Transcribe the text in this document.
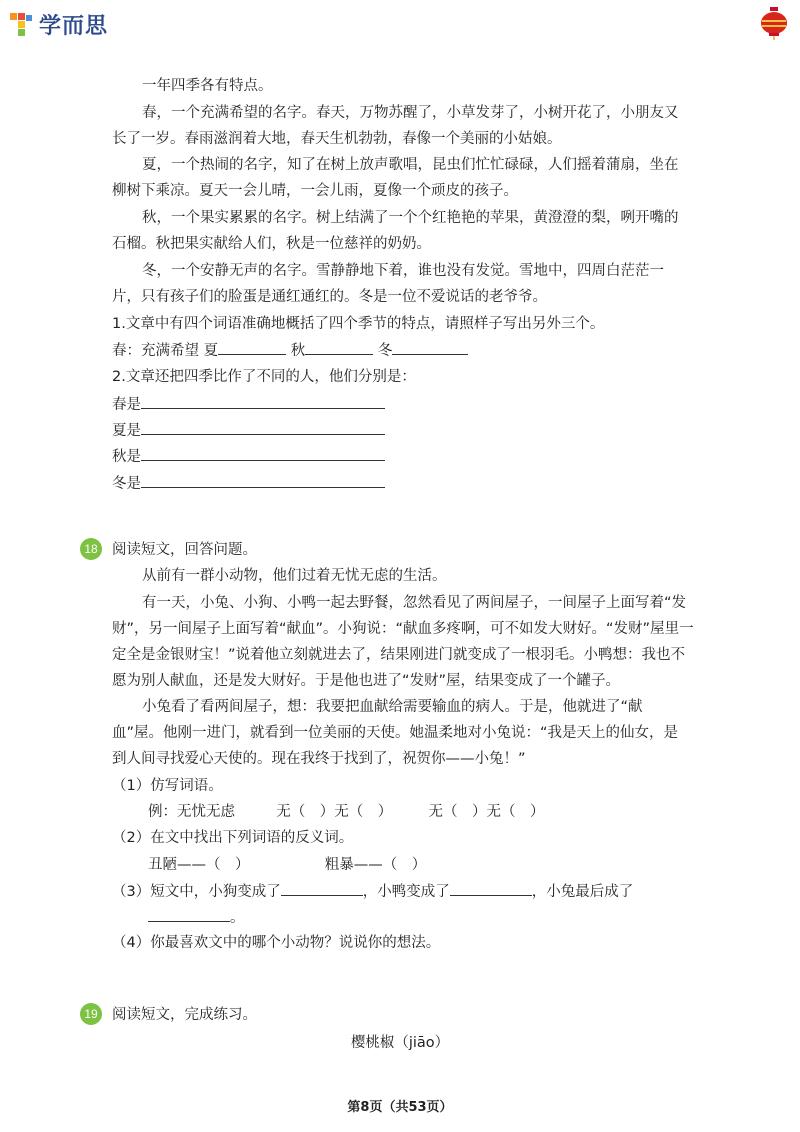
学而思
一年四季各有特点。
春，一个充满希望的名字。春天，万物苏醒了，小草发芽了，小树开花了，小朋友又
长了一岁。春雨滋润着大地，春天生机勃勃，春像一个美丽的小姑娘。
夏，一个热闹的名字，知了在树上放声歌唱，昆虫们忙忙碌碌，人们摇着蒲扇，坐在
柳树下乘凉。夏天一会儿晴，一会儿雨，夏像一个顽皮的孩子。
秋，一个果实累累的名字。树上结满了一个个红艳艳的苹果，黄澄澄的梨，咧开嘴的
石榴。秋把果实献给人们，秋是一位慈祥的奶奶。
冬，一个安静无声的名字。雪静静地下着，谁也没有发觉。雪地中，四周白茫茫一
片，只有孩子们的脸蛋是通红通红的。冬是一位不爱说话的老爷爷。
1.文章中有四个词语准确地概括了四个季节的特点，请照样子写出另外三个。
春：充满希望 夏	秋	冬
2.文章还把四季比作了不同的人，他们分别是：
春是
夏是
秋是
冬是
18 阅读短文，回答问题。
从前有一群小动物，他们过着无忧无虑的生活。
有一天，小兔、小狗、小鸭一起去野餐，忽然看见了两间屋子，一间屋子上面写着“发
财”，另一间屋子上面写着“献血”。小狗说：“献血多疼啊，可不如发大财好。“发财”屋里一
定全是金银财宝！”说着他立刻就进去了，结果刚进门就变成了一根羽毛。小鸭想：我也不
愿为别人献血，还是发大财好。于是他也进了“发财”屋，结果变成了一个罐子。
小兔看了看两间屋子，想：我要把血献给需要输血的病人。于是，他就进了“献
血”屋。他刚一进门，就看到一位美丽的天使。她温柔地对小兔说：“我是天上的仙女，是
到人间寻找爱心天使的。现在我终于找到了，祝贺你——小兔！”
（1）仿写词语。
例：无忧无虑	无（　）无（　）　　　无（　）无（　）
（2）在文中找出下列词语的反义词。
丑陋——（　）	粗暴——（　）
（3）短文中，小狗变成了	，小鸭变成了	，小兔最后成了
。
（4）你最喜欢文中的哪个小动物？说说你的想法。
19 阅读短文，完成练习。
樱桃椒（jiāo）
第8页（共53页）
